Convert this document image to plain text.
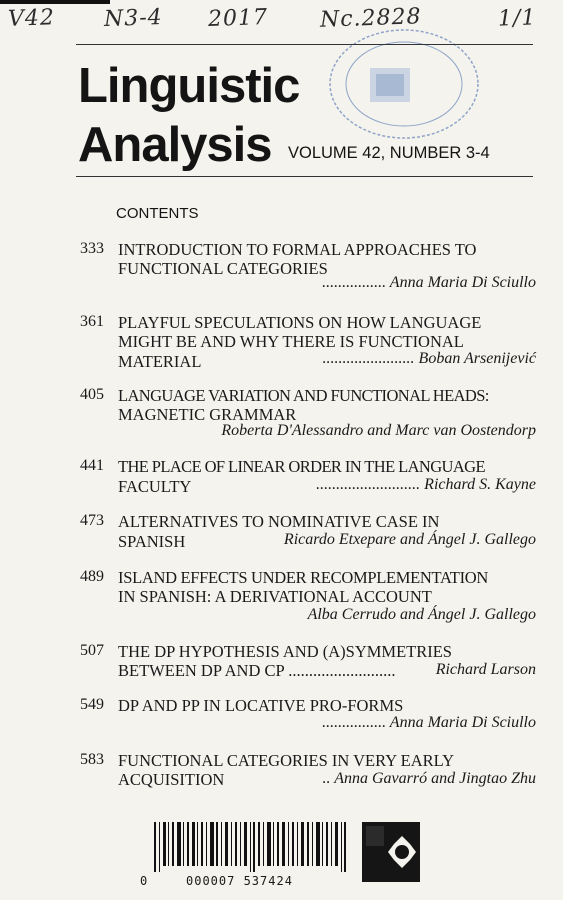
V42 N3-4 2017 Nc.2828	1/1
Linguistic
Analysis VOLUME 42, NUMBER 3-4
CONTENTS
333 INTRODUCTION TO FORMAL APPROACHES TO
FUNCTIONAL CATEGORIES
................ Anna Maria Di Sciullo
361 PLAYFUL SPECULATIONS ON HOW LANGUAGE
MIGHT BE AND WHY THERE IS FUNCTIONAL
MATERIAL	....................... Boban Arsenijević
405 LANGUAGE VARIATION AND FUNCTIONAL HEADS:
MAGNETIC GRAMMAR
Roberta D'Alessandro and Marc van Oostendorp
441 THE PLACE OF LINEAR ORDER IN THE LANGUAGE
FACULTY	.......................... Richard S. Kayne
473 ALTERNATIVES TO NOMINATIVE CASE IN
SPANISH	Ricardo Etxepare and Ángel J. Gallego
489 ISLAND EFFECTS UNDER RECOMPLEMENTATION
IN SPANISH: A DERIVATIONAL ACCOUNT
Alba Cerrudo and Ángel J. Gallego
507 THE DP HYPOTHESIS AND (A)SYMMETRIES
BETWEEN DP AND CP ..........................	Richard Larson
549 DP AND PP IN LOCATIVE PRO-FORMS
................ Anna Maria Di Sciullo
583 FUNCTIONAL CATEGORIES IN VERY EARLY
ACQUISITION	.. Anna Gavarró and Jingtao Zhu
0	000007 537424
